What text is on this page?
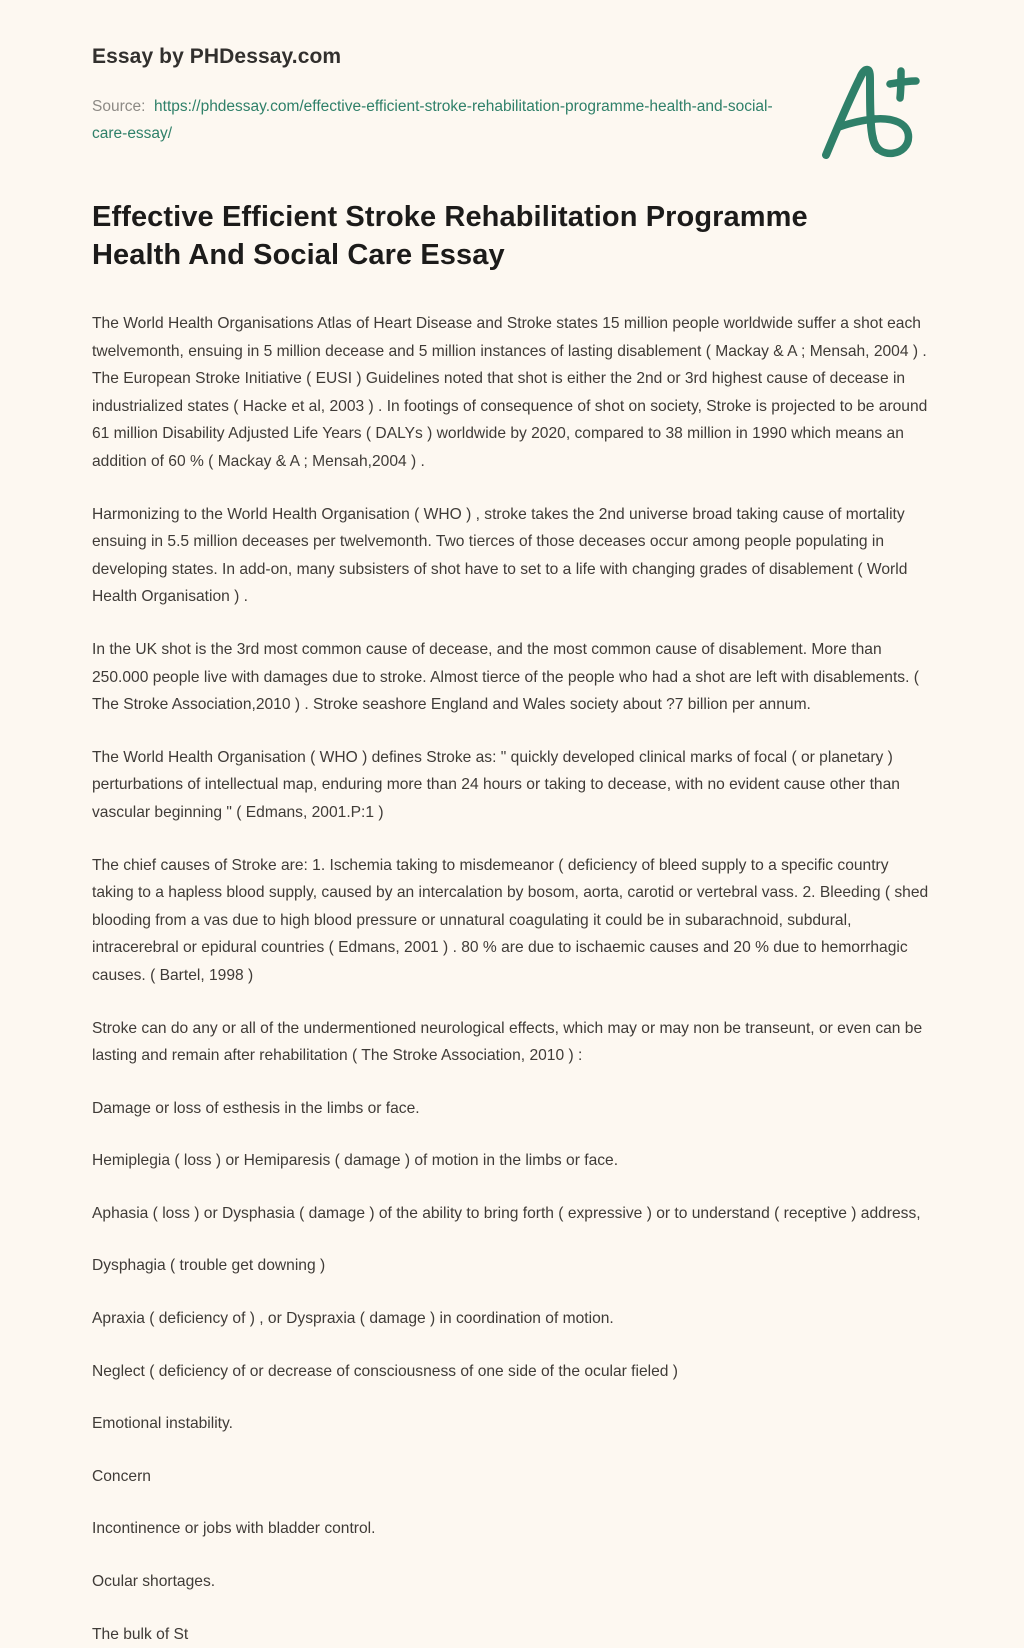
Essay by PHDessay.com
Source: https://phdessay.com/effective-efficient-stroke-rehabilitation-programme-health-and-social-care-essay/
Effective Efficient Stroke Rehabilitation Programme Health And Social Care Essay

The World Health Organisations Atlas of Heart Disease and Stroke states 15 million people worldwide suffer a shot each twelvemonth, ensuing in 5 million decease and 5 million instances of lasting disablement ( Mackay & A ; Mensah, 2004 ) . The European Stroke Initiative ( EUSI ) Guidelines noted that shot is either the 2nd or 3rd highest cause of decease in industrialized states ( Hacke et al, 2003 ) . In footings of consequence of shot on society, Stroke is projected to be around 61 million Disability Adjusted Life Years ( DALYs ) worldwide by 2020, compared to 38 million in 1990 which means an addition of 60 % ( Mackay & A ; Mensah,2004 ) .

Harmonizing to the World Health Organisation ( WHO ) , stroke takes the 2nd universe broad taking cause of mortality ensuing in 5.5 million deceases per twelvemonth. Two tierces of those deceases occur among people populating in developing states. In add-on, many subsisters of shot have to set to a life with changing grades of disablement ( World Health Organisation ) .

In the UK shot is the 3rd most common cause of decease, and the most common cause of disablement. More than 250.000 people live with damages due to stroke. Almost tierce of the people who had a shot are left with disablements. ( The Stroke Association,2010 ) . Stroke seashore England and Wales society about ?7 billion per annum.

The World Health Organisation ( WHO ) defines Stroke as: " quickly developed clinical marks of focal ( or planetary ) perturbations of intellectual map, enduring more than 24 hours or taking to decease, with no evident cause other than vascular beginning " ( Edmans, 2001.P:1 )

The chief causes of Stroke are: 1. Ischemia taking to misdemeanor ( deficiency of bleed supply to a specific country taking to a hapless blood supply, caused by an intercalation by bosom, aorta, carotid or vertebral vass. 2. Bleeding ( shed blooding from a vas due to high blood pressure or unnatural coagulating it could be in subarachnoid, subdural, intracerebral or epidural countries ( Edmans, 2001 ) . 80 % are due to ischaemic causes and 20 % due to hemorrhagic causes. ( Bartel, 1998 )

Stroke can do any or all of the undermentioned neurological effects, which may or may non be transeunt, or even can be lasting and remain after rehabilitation ( The Stroke Association, 2010 ) :

Damage or loss of esthesis in the limbs or face.

Hemiplegia ( loss ) or Hemiparesis ( damage ) of motion in the limbs or face.

Aphasia ( loss ) or Dysphasia ( damage ) of the ability to bring forth ( expressive ) or to understand ( receptive ) address,

Dysphagia ( trouble get downing )

Apraxia ( deficiency of ) , or Dyspraxia ( damage ) in coordination of motion.

Neglect ( deficiency of or decrease of consciousness of one side of the ocular fieled )

Emotional instability.

Concern

Incontinence or jobs with bladder control.

Ocular shortages.

The bulk of St
